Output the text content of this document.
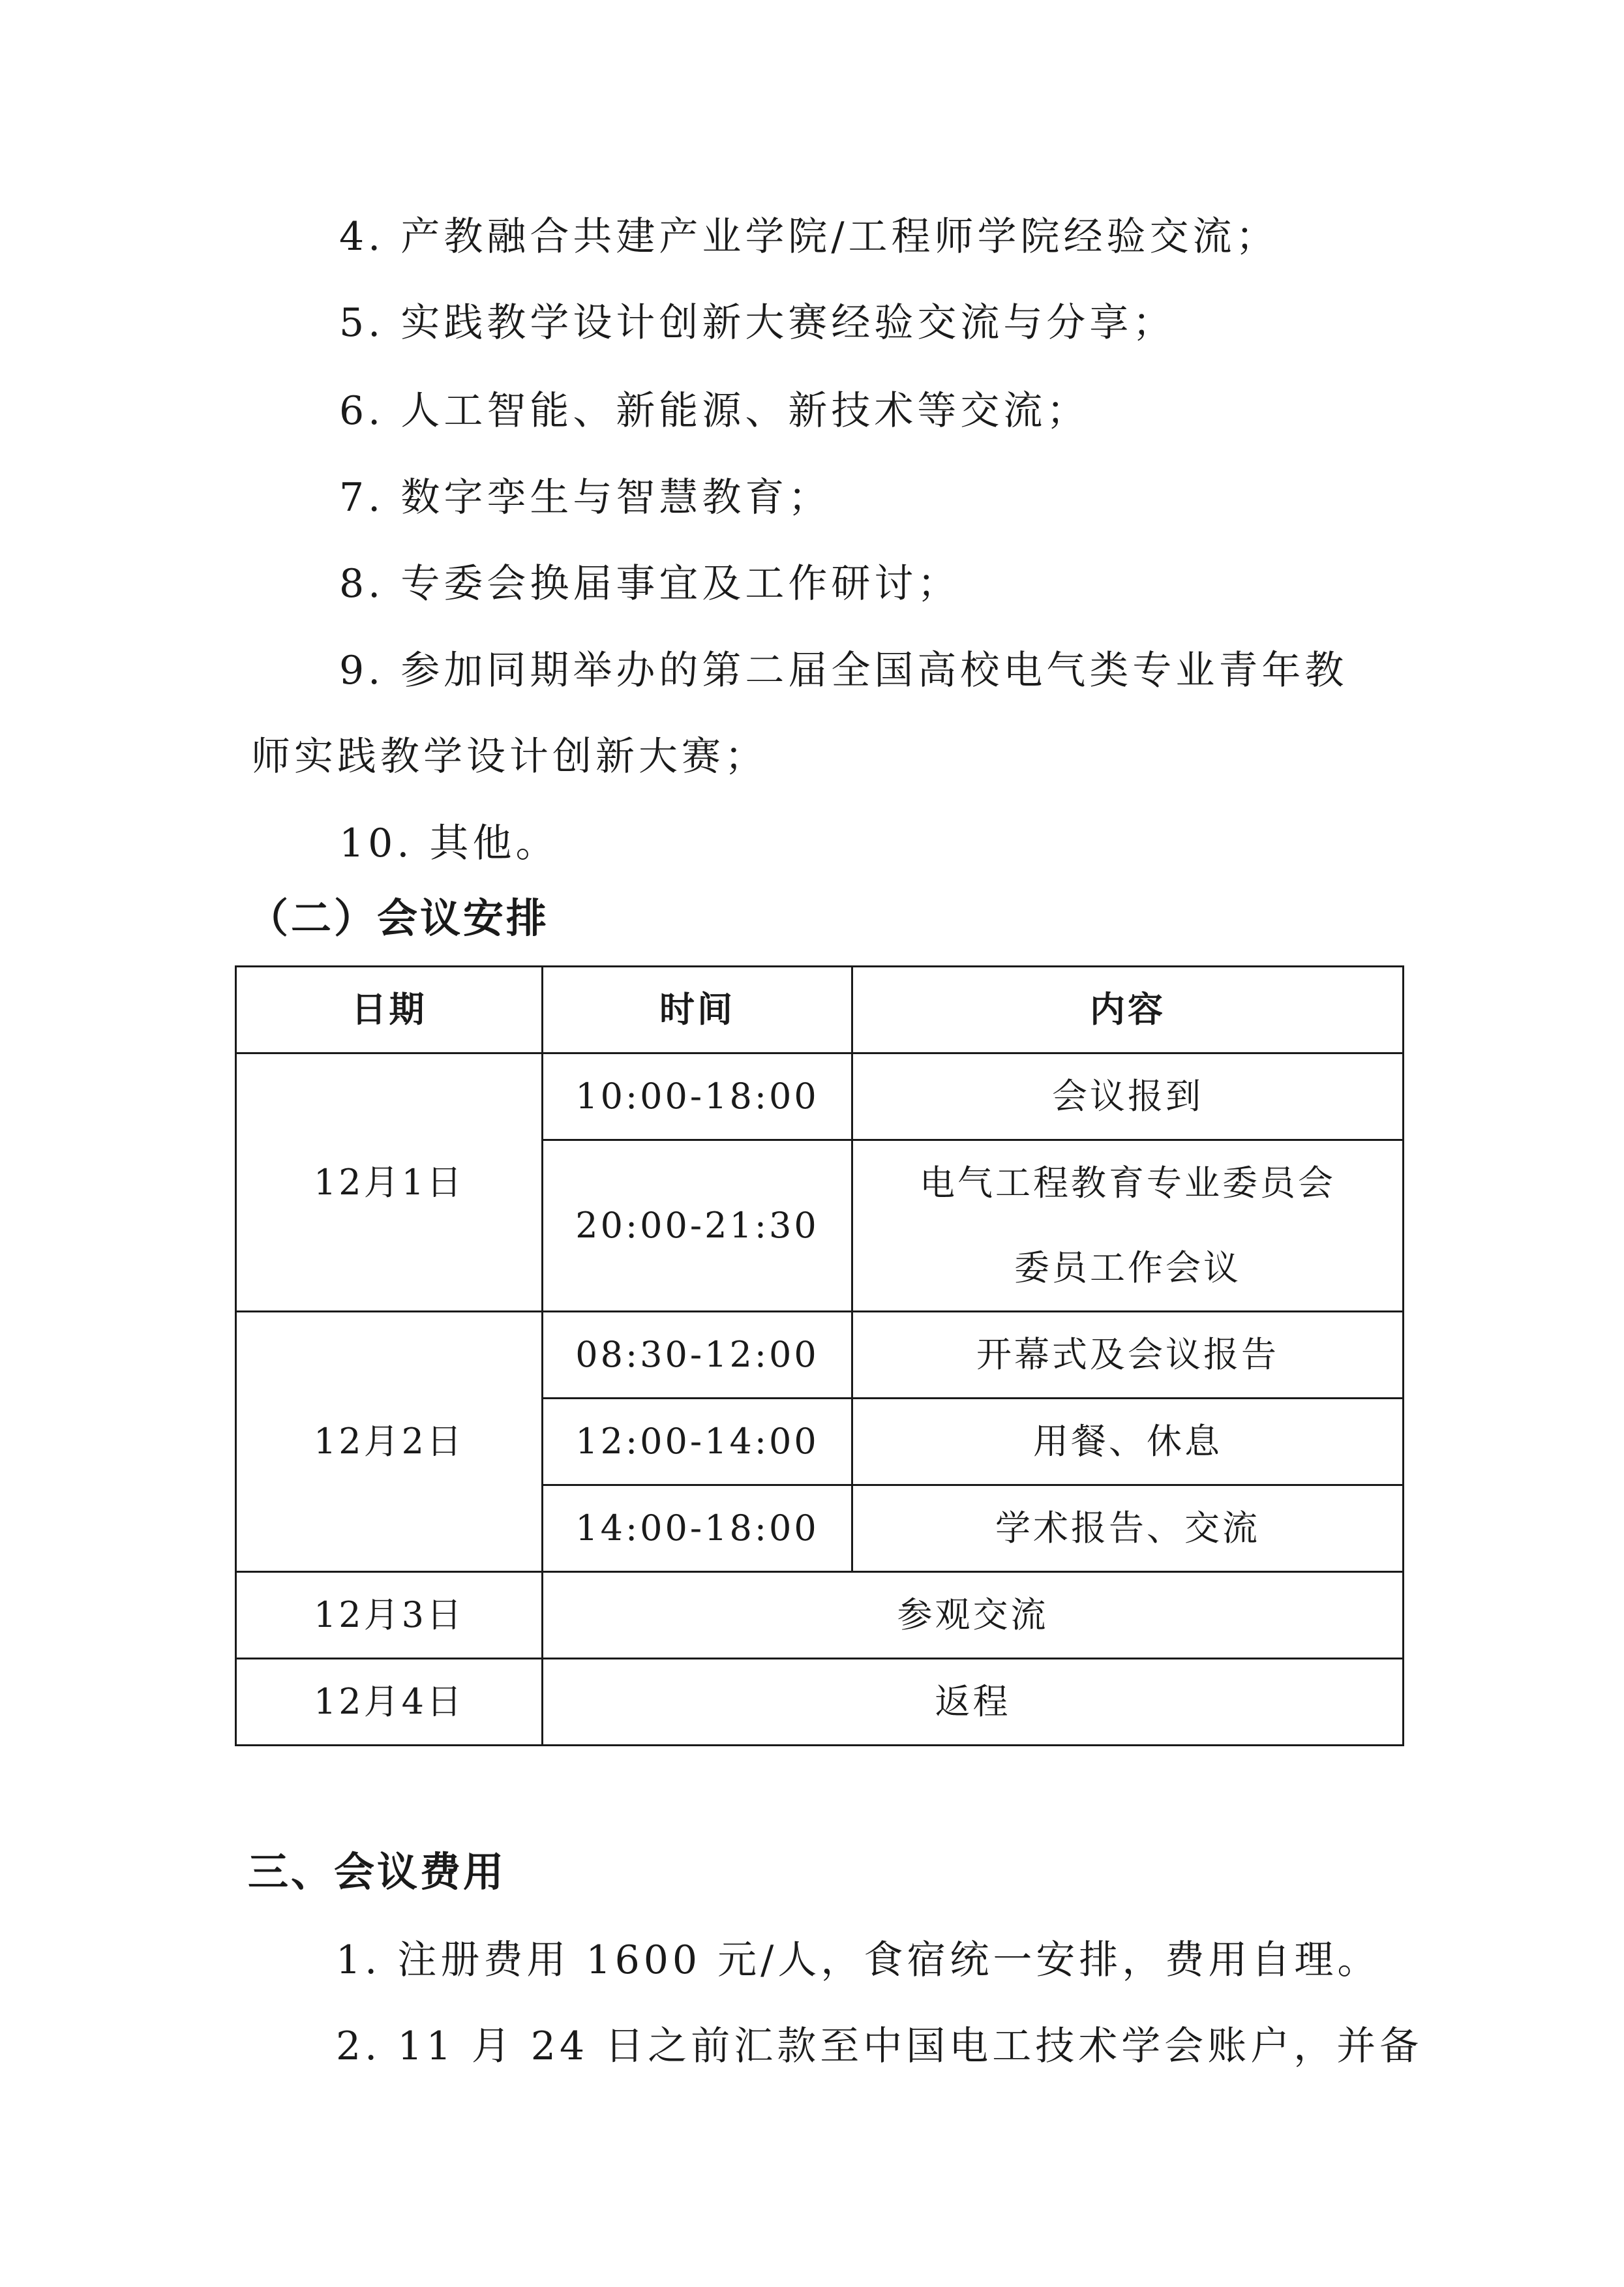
4. 产教融合共建产业学院/工程师学院经验交流；
5. 实践教学设计创新大赛经验交流与分享；
6. 人工智能、新能源、新技术等交流；
7. 数字孪生与智慧教育；
8. 专委会换届事宜及工作研讨；
9. 参加同期举办的第二届全国高校电气类专业青年教
师实践教学设计创新大赛；
10. 其他。
（二）会议安排
日期	时间	内容
12月1日	10:00-18:00	会议报到
	20:00-21:30	电气工程教育专业委员会
委员工作会议

12月2日	08:30-12:00	开幕式及会议报告
	12:00-14:00	用餐、休息
	14:00-18:00	学术报告、交流
12月3日	参观交流	
12月4日	返程	
三、会议费用
1. 注册费用 1600 元/人，食宿统一安排，费用自理。
2. 11 月 24 日之前汇款至中国电工技术学会账户，并备
